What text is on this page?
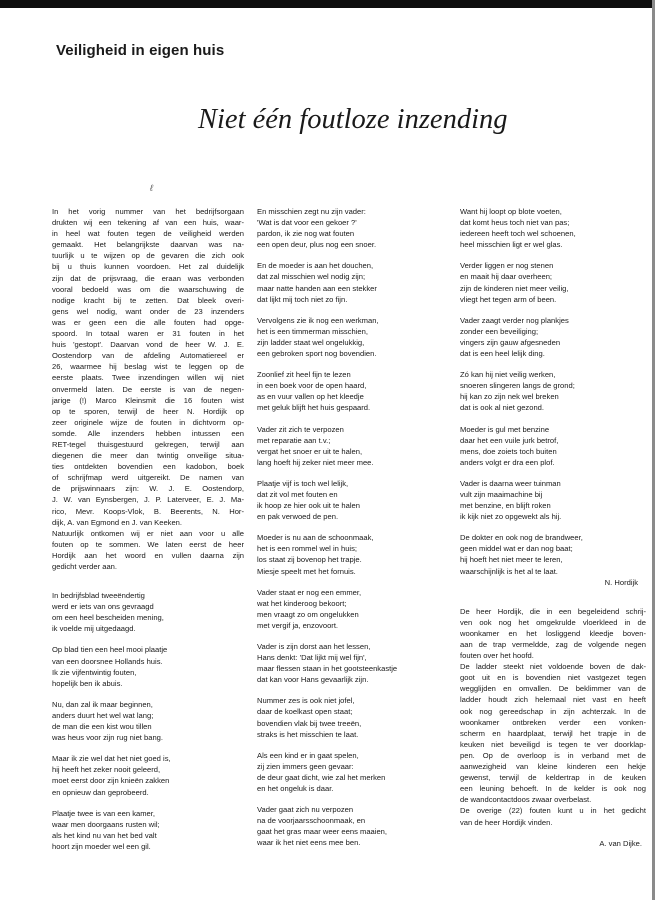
Veiligheid in eigen huis
Niet één foutloze inzending
ℓ

In het vorig nummer van het bedrijfsorgaan
drukten wij een tekening af van een huis, waar-
in heel wat fouten tegen de veiligheid werden
gemaakt. Het belangrijkste daarvan was na-
tuurlijk u te wijzen op de gevaren die zich ook
bij u thuis kunnen voordoen. Het zal duidelijk
zijn dat de prijsvraag, die eraan was verbonden
vooral bedoeld was om die waarschuwing de
nodige kracht bij te zetten. Dat bleek overi-
gens wel nodig, want onder de 23 inzenders
was er geen een die alle fouten had opge-
spoord. In totaal waren er 31 fouten in het
huis 'gestopt'. Daarvan vond de heer W. J. E.
Oostendorp van de afdeling Automatiereel er
26, waarmee hij beslag wist te leggen op de
eerste plaats. Twee inzendingen willen wij niet
onvermeld laten. De eerste is van de negen-
jarige (!) Marco Kleinsmit die 16 fouten wist
op te sporen, terwijl de heer N. Hordijk op
zeer originele wijze de fouten in dichtvorm op-
somde. Alle inzenders hebben intussen een
RET-tegel thuisgestuurd gekregen, terwijl aan
diegenen die meer dan twintig onveilige situa-
ties ontdekten bovendien een kadobon, boek
of schrijfmap werd uitgereikt. De namen van
de prijswinnaars zijn: W. J. E. Oostendorp,
J. W. van Eynsbergen, J. P. Laterveer, E. J. Ma-
rico, Mevr. Koops-Vlok, B. Beerents, N. Hor-
dijk, A. van Egmond en J. van Keeken.
Natuurlijk ontkomen wij er niet aan voor u alle
fouten op te sommen. We laten eerst de heer
Hordijk aan het woord en vullen daarna zijn
gedicht verder aan.

In bedrijfsblad tweeëndertig
werd er iets van ons gevraagd
om een heel bescheiden mening,
ik voelde mij uitgedaagd.
Op blad tien een heel mooi plaatje
van een doorsnee Hollands huis.
Ik zie vijfentwintig fouten,
hopelijk ben ik abuis.
Nu, dan zal ik maar beginnen,
anders duurt het wel wat lang;
de man die een kist wou tillen
was heus voor zijn rug niet bang.
Maar ik zie wel dat het niet goed is,
hij heeft het zeker nooit geleerd,
moet eerst door zijn knieën zakken
en opnieuw dan geprobeerd.
Plaatje twee is van een kamer,
waar men doorgaans rusten wil;
als het kind nu van het bed valt
hoort zijn moeder wel een gil.
En misschien zegt nu zijn vader:
'Wat is dat voor een gekoer ?'
pardon, ik zie nog wat fouten
een open deur, plus nog een snoer.
En de moeder is aan het douchen,
dat zal misschien wel nodig zijn;
maar natte handen aan een stekker
dat lijkt mij toch niet zo fijn.
Vervolgens zie ik nog een werkman,
het is een timmerman misschien,
zijn ladder staat wel ongelukkig,
een gebroken sport nog bovendien.
Zoonlief zit heel fijn te lezen
in een boek voor de open haard,
as en vuur vallen op het kleedje
met geluk blijft het huis gespaard.
Vader zit zich te verpozen
met reparatie aan t.v.;
vergat het snoer er uit te halen,
lang hoeft hij zeker niet meer mee.
Plaatje vijf is toch wel lelijk,
dat zit vol met fouten en
ik hoop ze hier ook uit te halen
en pak verwoed de pen.
Moeder is nu aan de schoonmaak,
het is een rommel wel in huis;
los staat zij bovenop het trapje.
Miesje speelt met het fornuis.
Vader staat er nog een emmer,
wat het kinderoog bekoort;
men vraagt zo om ongelukken
met vergif ja, enzovoort.
Vader is zijn dorst aan het lessen,
Hans denkt: 'Dat lijkt mij wel fijn',
maar flessen staan in het gootsteenkastje
dat kan voor Hans gevaarlijk zijn.
Nummer zes is ook niet jofel,
daar de koelkast open staat;
bovendien vlak bij twee treeën,
straks is het misschien te laat.
Als een kind er in gaat spelen,
zij zien immers geen gevaar:
de deur gaat dicht, wie zal het merken
en het ongeluk is daar.
Vader gaat zich nu verpozen
na de voorjaarsschoonmaak, en
gaat het gras maar weer eens maaien,
waar ik het niet eens mee ben.
Want hij loopt op blote voeten,
dat komt heus toch niet van pas;
iedereen heeft toch wel schoenen,
heel misschien ligt er wel glas.
Verder liggen er nog stenen
en maait hij daar overheen;
zijn de kinderen niet meer veilig,
vliegt het tegen arm of been.
Vader zaagt verder nog plankjes
zonder een beveiliging;
vingers zijn gauw afgesneden
dat is een heel lelijk ding.
Zó kan hij niet veilig werken,
snoeren slingeren langs de grond;
hij kan zo zijn nek wel breken
dat is ook al niet gezond.
Moeder is gul met benzine
daar het een vuile jurk betrof,
mens, doe zoiets toch buiten
anders volgt er dra een plof.
Vader is daarna weer tuinman
vult zijn maaimachine bij
met benzine, en blijft roken
ik kijk niet zo opgewekt als hij.
De dokter en ook nog de brandweer,
geen middel wat er dan nog baat;
hij hoeft het niet meer te leren,
waarschijnlijk is het al te laat.
N. Hordijk

De heer Hordijk, die in een begeleidend schrij-
ven ook nog het omgekrulde vloerkleed in de
woonkamer en het losliggend kleedje boven-
aan de trap vermeldde, zag de volgende negen
fouten over het hoofd.
De ladder steekt niet voldoende boven de dak-
goot uit en is bovendien niet vastgezet tegen
wegglijden en omvallen. De beklimmer van de
ladder houdt zich helemaal niet vast en heeft
ook nog gereedschap in zijn achterzak. In de
woonkamer ontbreken verder een vonken-
scherm en haardplaat, terwijl het trapje in de
keuken niet beveiligd is tegen te ver doorklap-
pen. Op de overloop is in verband met de
aanwezigheid van kleine kinderen een hekje
gewenst, terwijl de keldertrap in de keuken
een leuning behoeft. In de kelder is ook nog
de wandcontactdoos zwaar overbelast.
De overige (22) fouten kunt u in het gedicht
van de heer Hordijk vinden.

A. van Dijke.
